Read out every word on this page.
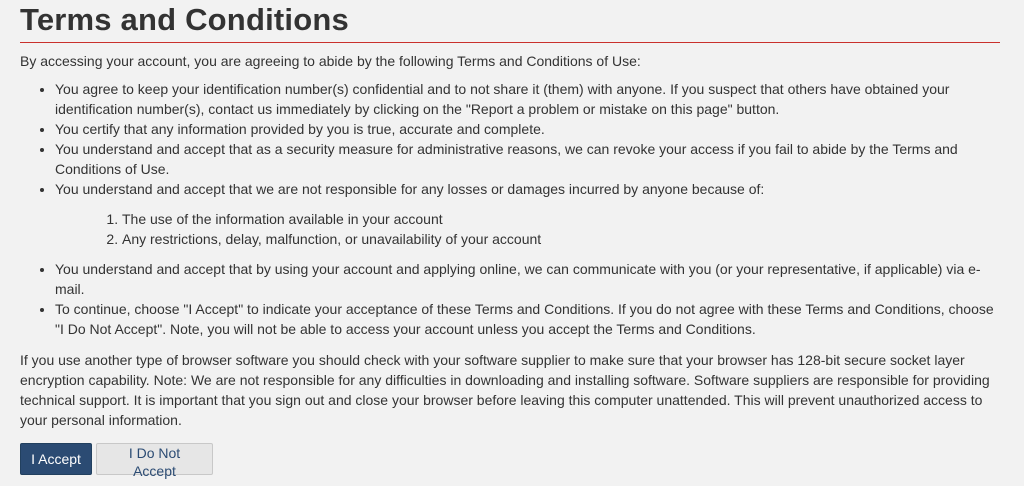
Terms and Conditions

By accessing your account, you are agreeing to abide by the following Terms and Conditions of Use:

• You agree to keep your identification number(s) confidential and to not share it (them) with anyone. If you suspect that others have obtained your identification number(s), contact us immediately by clicking on the "Report a problem or mistake on this page" button.
• You certify that any information provided by you is true, accurate and complete.
• You understand and accept that as a security measure for administrative reasons, we can revoke your access if you fail to abide by the Terms and Conditions of Use.
• You understand and accept that we are not responsible for any losses or damages incurred by anyone because of:
1. The use of the information available in your account
2. Any restrictions, delay, malfunction, or unavailability of your account
• You understand and accept that by using your account and applying online, we can communicate with you (or your representative, if applicable) via e-mail.
• To continue, choose "I Accept" to indicate your acceptance of these Terms and Conditions. If you do not agree with these Terms and Conditions, choose "I Do Not Accept". Note, you will not be able to access your account unless you accept the Terms and Conditions.

If you use another type of browser software you should check with your software supplier to make sure that your browser has 128-bit secure socket layer encryption capability. Note: We are not responsible for any difficulties in downloading and installing software. Software suppliers are responsible for providing technical support. It is important that you sign out and close your browser before leaving this computer unattended. This will prevent unauthorized access to your personal information.

I Accept	I Do Not Accept
